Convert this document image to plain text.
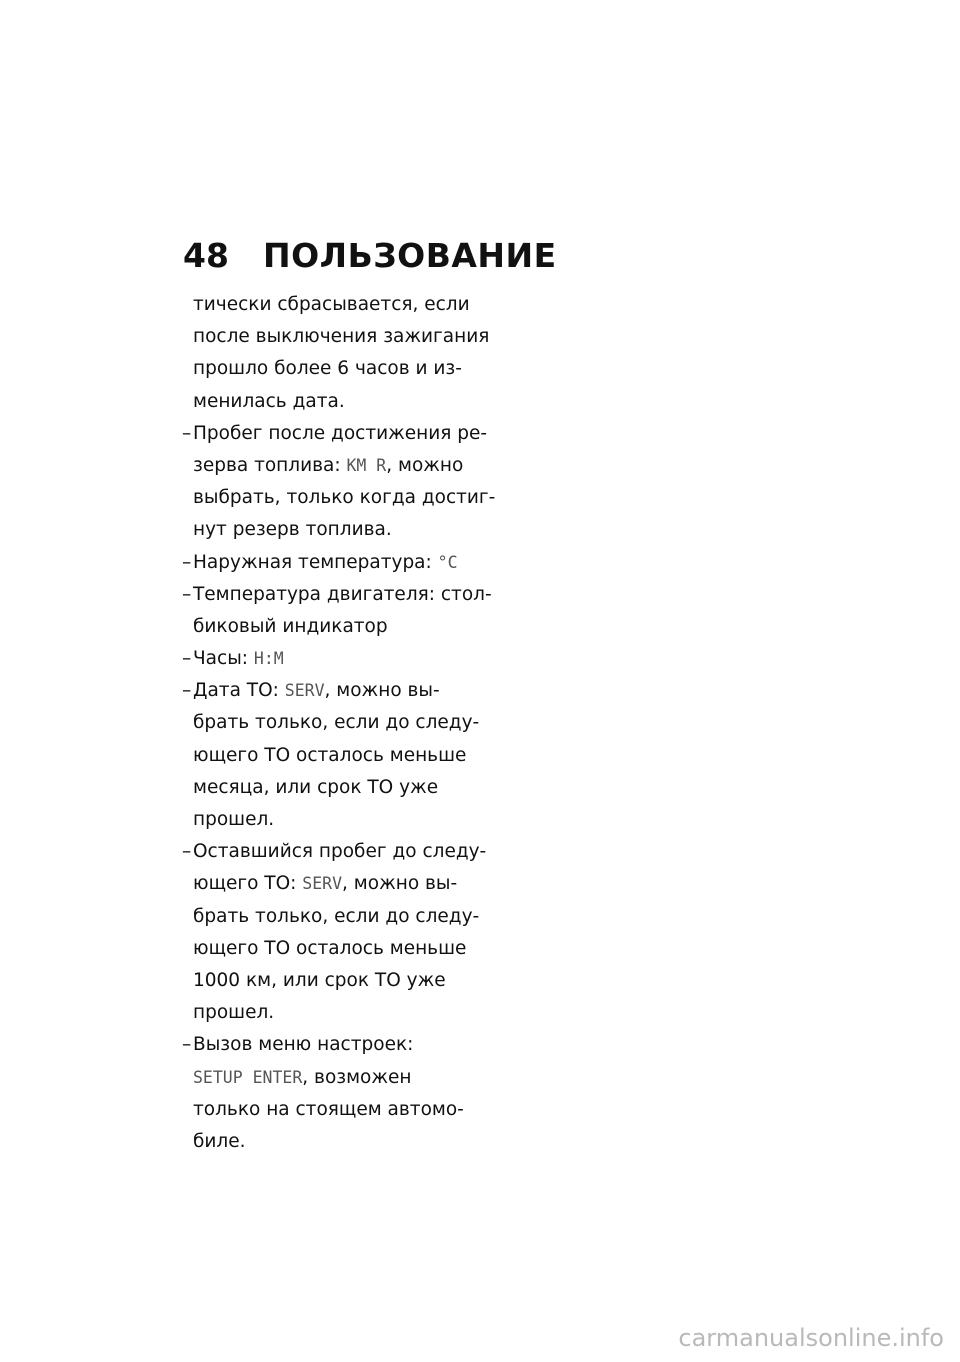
48	ПОЛЬЗОВАНИЕ
тически сбрасывается, если
после выключения зажигания
прошло более 6 часов и из-
менилась дата.
–Пробег после достижения ре-
зерва топлива: KM R, можно
выбрать, только когда достиг-
нут резерв топлива.
–Наружная температура: °C
–Температура двигателя: стол-
биковый индикатор
–Часы: H:M
–Дата ТО: SERV, можно вы-
брать только, если до следу-
ющего ТО осталось меньше
месяца, или срок ТО уже
прошел.
–Оставшийся пробег до следу-
ющего ТО: SERV, можно вы-
брать только, если до следу-
ющего ТО осталось меньше
1000 км, или срок ТО уже
прошел.
–Вызов меню настроек:
SETUP ENTER, возможен
только на стоящем автомо-
биле.
carmanualsonline.info
